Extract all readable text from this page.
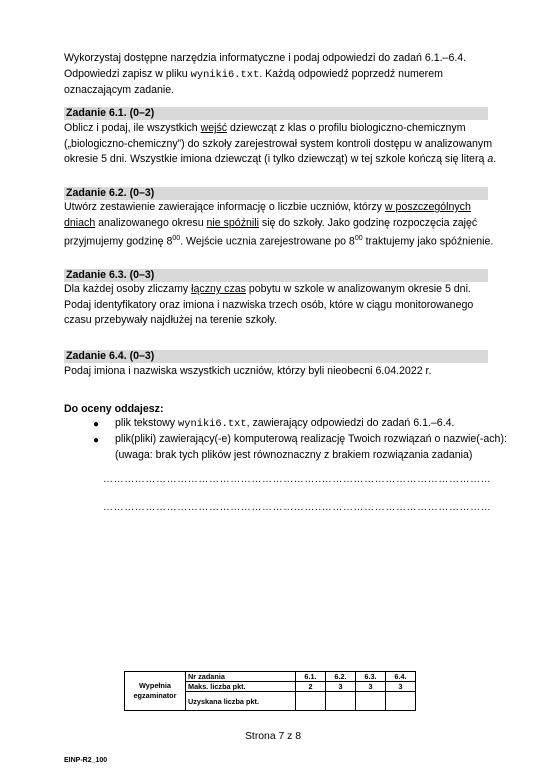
Wykorzystaj dostępne narzędzia informatyczne i podaj odpowiedzi do zadań 6.1.–6.4.
Odpowiedzi zapisz w pliku wyniki6.txt. Każdą odpowiedź poprzedź numerem
oznaczającym zadanie.
Zadanie 6.1. (0–2)
Oblicz i podaj, ile wszystkich wejść dziewcząt z klas o profilu biologiczno-chemicznym
(„biologiczno-chemiczny”) do szkoły zarejestrował system kontroli dostępu w analizowanym
okresie 5 dni. Wszystkie imiona dziewcząt (i tylko dziewcząt) w tej szkole kończą się literą a.
Zadanie 6.2. (0–3)
Utwórz zestawienie zawierające informację o liczbie uczniów, którzy w poszczególnych
dniach analizowanego okresu nie spóźnili się do szkoły. Jako godzinę rozpoczęcia zajęć
przyjmujemy godzinę $8^{00}$. Wejście ucznia zarejestrowane po $8^{00}$ traktujemy jako spóźnienie.
Zadanie 6.3. (0–3)
Dla każdej osoby zliczamy łączny czas pobytu w szkole w analizowanym okresie 5 dni.
Podaj identyfikatory oraz imiona i nazwiska trzech osób, które w ciągu monitorowanego
czasu przebywały najdłużej na terenie szkoły.
Zadanie 6.4. (0–3)
Podaj imiona i nazwiska wszystkich uczniów, którzy byli nieobecni 6.04.2022 r.
Do oceny oddajesz:
● plik tekstowy wyniki6.txt, zawierający odpowiedzi do zadań 6.1.–6.4.
● plik(pliki) zawierający(-e) komputerową realizację Twoich rozwiązań o nazwie(-ach):
(uwaga: brak tych plików jest równoznaczny z brakiem rozwiązania zadania)
……………………………………………………..…………………………………………
……………………………………………………..…………………………………………
Wypełnia egzaminator	Nr zadania	6.1.	6.2.	6.3.	6.4.
	Maks. liczba pkt.	2	3	3	3
	Uzyskana liczba pkt.				
Strona 7 z 8
EINP-R2_100
